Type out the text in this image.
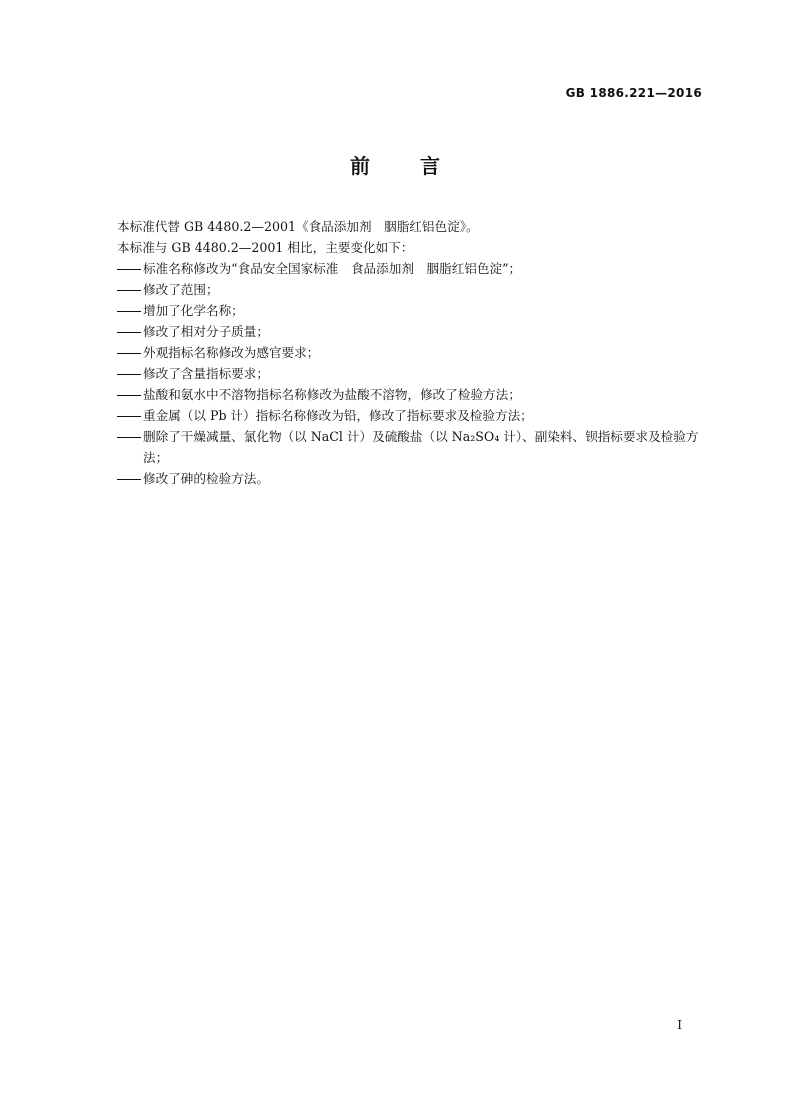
GB 1886.221—2016
前 言
本标准代替 GB 4480.2—2001《食品添加剂　胭脂红铝色淀》。
本标准与 GB 4480.2—2001 相比，主要变化如下：
标准名称修改为“食品安全国家标准　食品添加剂　胭脂红铝色淀”；
修改了范围；
增加了化学名称；
修改了相对分子质量；
外观指标名称修改为感官要求；
修改了含量指标要求；
盐酸和氨水中不溶物指标名称修改为盐酸不溶物，修改了检验方法；
重金属（以 Pb 计）指标名称修改为铅，修改了指标要求及检验方法；
删除了干燥减量、氯化物（以 NaCl 计）及硫酸盐（以 Na₂SO₄ 计）、副染料、钡指标要求及检验方法；
修改了砷的检验方法。
I
